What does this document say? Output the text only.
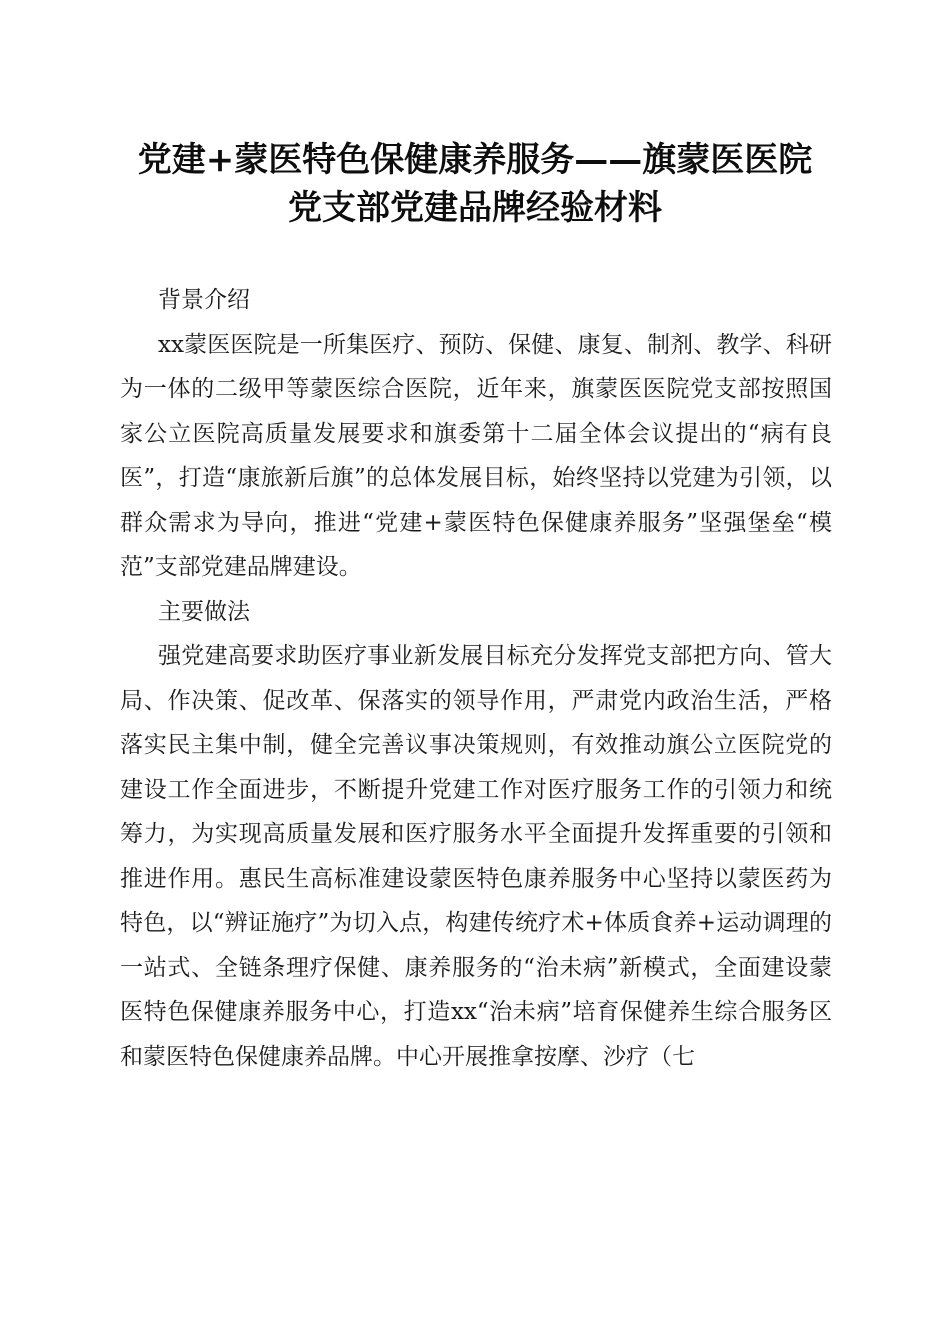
党建+蒙医特色保健康养服务——旗蒙医医院
党支部党建品牌经验材料

背景介绍

xx蒙医医院是一所集医疗、预防、保健、康复、制剂、教学、科研为一体的二级甲等蒙医综合医院，近年来，旗蒙医医院党支部按照国家公立医院高质量发展要求和旗委第十二届全体会议提出的“病有良医”，打造“康旅新后旗”的总体发展目标，始终坚持以党建为引领，以群众需求为导向，推进“党建+蒙医特色保健康养服务”坚强堡垒“模范”支部党建品牌建设。

主要做法

强党建高要求助医疗事业新发展目标充分发挥党支部把方向、管大局、作决策、促改革、保落实的领导作用，严肃党内政治生活，严格落实民主集中制，健全完善议事决策规则，有效推动旗公立医院党的建设工作全面进步，不断提升党建工作对医疗服务工作的引领力和统筹力，为实现高质量发展和医疗服务水平全面提升发挥重要的引领和推进作用。惠民生高标准建设蒙医特色康养服务中心坚持以蒙医药为特色，以“辨证施疗”为切入点，构建传统疗术+体质食养+运动调理的一站式、全链条理疗保健、康养服务的“治未病”新模式，全面建设蒙医特色保健康养服务中心，打造xx“治未病”培育保健养生综合服务区和蒙医特色保健康养品牌。中心开展推拿按摩、沙疗（七
